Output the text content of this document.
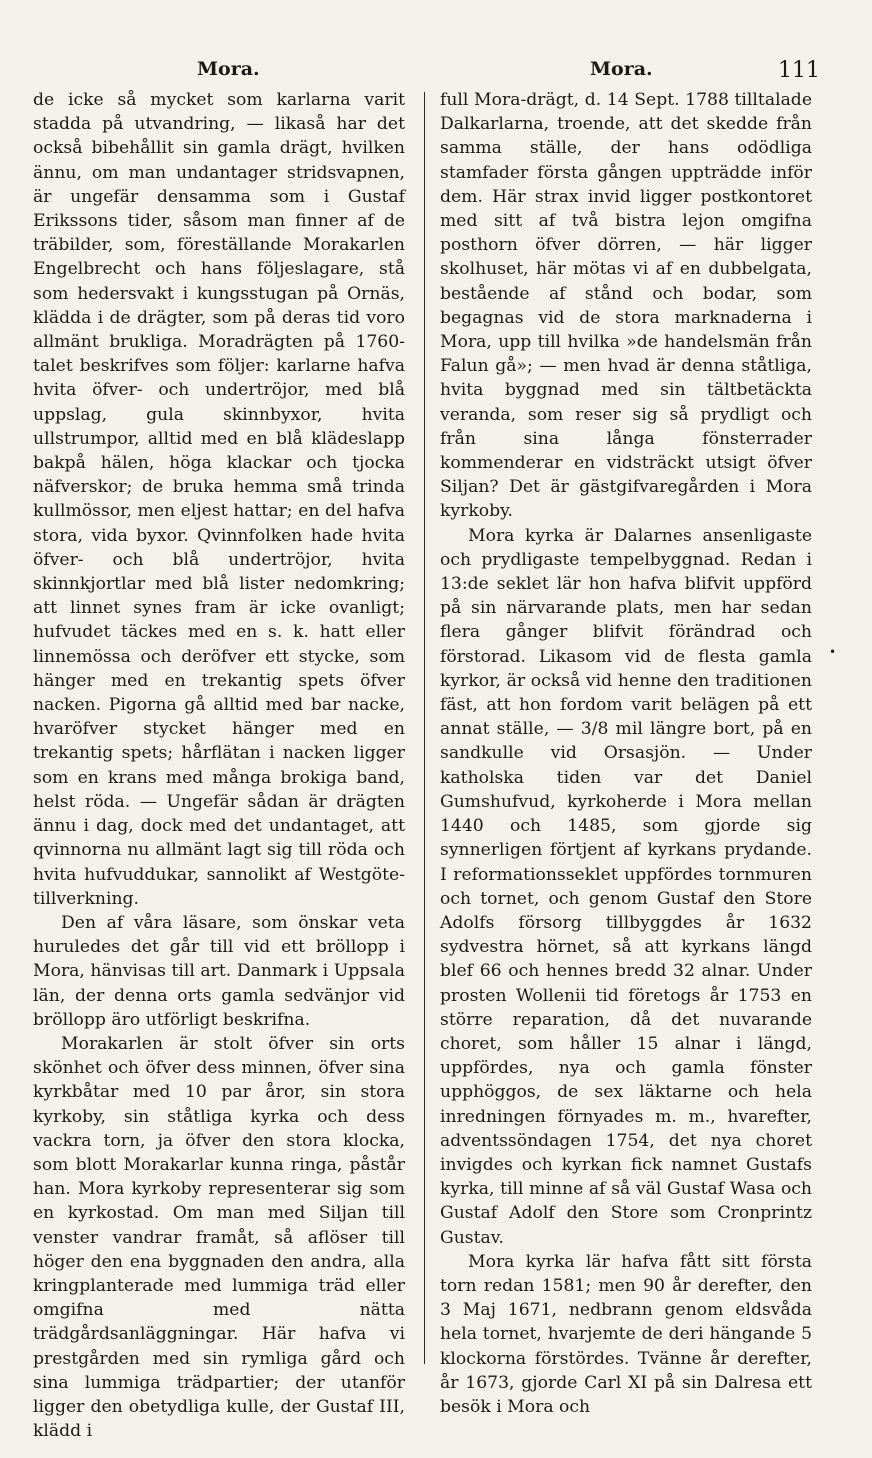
Mora.	Mora.	111

de icke så mycket som karlarna varit stadda på utvandring, — likaså har det också bibehållit sin gamla drägt, hvilken ännu, om man undantager stridsvapnen, är ungefär densamma som i Gustaf Erikssons tider, såsom man finner af de träbilder, som, föreställande Morakarlen Engelbrecht och hans följeslagare, stå som hedersvakt i kungsstugan på Ornäs, klädda i de drägter, som på deras tid voro allmänt brukliga. Moradrägten på 1760-talet beskrifves som följer: karlarne hafva hvita öfver- och undertröjor, med blå uppslag, gula skinnbyxor, hvita ullstrumpor, alltid med en blå klädeslapp bakpå hälen, höga klackar och tjocka näfverskor; de bruka hemma små trinda kullmössor, men eljest hattar; en del hafva stora, vida byxor. Qvinnfolken hade hvita öfver- och blå undertröjor, hvita skinnkjortlar med blå lister nedomkring; att linnet synes fram är icke ovanligt; hufvudet täckes med en s. k. hatt eller linnemössa och deröfver ett stycke, som hänger med en trekantig spets öfver nacken. Pigorna gå alltid med bar nacke, hvaröfver stycket hänger med en trekantig spets; hårflätan i nacken ligger som en krans med många brokiga band, helst röda. — Ungefär sådan är drägten ännu i dag, dock med det undantaget, att qvinnorna nu allmänt lagt sig till röda och hvita hufvuddukar, sannolikt af Westgöte-tillverkning.

Den af våra läsare, som önskar veta huruledes det går till vid ett bröllopp i Mora, hänvisas till art. Danmark i Uppsala län, der denna orts gamla sedvänjor vid bröllopp äro utförligt beskrifna.

Morakarlen är stolt öfver sin orts skönhet och öfver dess minnen, öfver sina kyrkbåtar med 10 par åror, sin stora kyrkoby, sin ståtliga kyrka och dess vackra torn, ja öfver den stora klocka, som blott Morakarlar kunna ringa, påstår han. Mora kyrkoby representerar sig som en kyrkostad. Om man med Siljan till venster vandrar framåt, så aflöser till höger den ena byggnaden den andra, alla kringplanterade med lummiga träd eller omgifna med nätta trädgårdsanläggningar. Här hafva vi prestgården med sin rymliga gård och sina lummiga trädpartier; der utanför ligger den obetydliga kulle, der Gustaf III, klädd i

full Mora-drägt, d. 14 Sept. 1788 tilltalade Dalkarlarna, troende, att det skedde från samma ställe, der hans odödliga stamfader första gången uppträdde inför dem. Här strax invid ligger postkontoret med sitt af två bistra lejon omgifna posthorn öfver dörren, — här ligger skolhuset, här mötas vi af en dubbelgata, bestående af stånd och bodar, som begagnas vid de stora marknaderna i Mora, upp till hvilka »de handelsmän från Falun gå»; — men hvad är denna ståtliga, hvita byggnad med sin tältbetäckta veranda, som reser sig så prydligt och från sina långa fönsterrader kommenderar en vidsträckt utsigt öfver Siljan? Det är gästgifvaregården i Mora kyrkoby.

Mora kyrka är Dalarnes ansenligaste och prydligaste tempelbyggnad. Redan i 13:de seklet lär hon hafva blifvit uppförd på sin närvarande plats, men har sedan flera gånger blifvit förändrad och förstorad. Likasom vid de flesta gamla kyrkor, är också vid henne den traditionen fäst, att hon fordom varit belägen på ett annat ställe, — 3/8 mil längre bort, på en sandkulle vid Orsasjön. — Under katholska tiden var det Daniel Gumshufvud, kyrkoherde i Mora mellan 1440 och 1485, som gjorde sig synnerligen förtjent af kyrkans prydande. I reformationsseklet uppfördes tornmuren och tornet, och genom Gustaf den Store Adolfs försorg tillbyggdes år 1632 sydvestra hörnet, så att kyrkans längd blef 66 och hennes bredd 32 alnar. Under prosten Wollenii tid företogs år 1753 en större reparation, då det nuvarande choret, som håller 15 alnar i längd, uppfördes, nya och gamla fönster upphöggos, de sex läktarne och hela inredningen förnyades m. m., hvarefter, adventssöndagen 1754, det nya choret invigdes och kyrkan fick namnet Gustafs kyrka, till minne af så väl Gustaf Wasa och Gustaf Adolf den Store som Cronprintz Gustav.

Mora kyrka lär hafva fått sitt första torn redan 1581; men 90 år derefter, den 3 Maj 1671, nedbrann genom eldsvåda hela tornet, hvarjemte de deri hängande 5 klockorna förstördes. Tvänne år derefter, år 1673, gjorde Carl XI på sin Dalresa ett besök i Mora och

•
